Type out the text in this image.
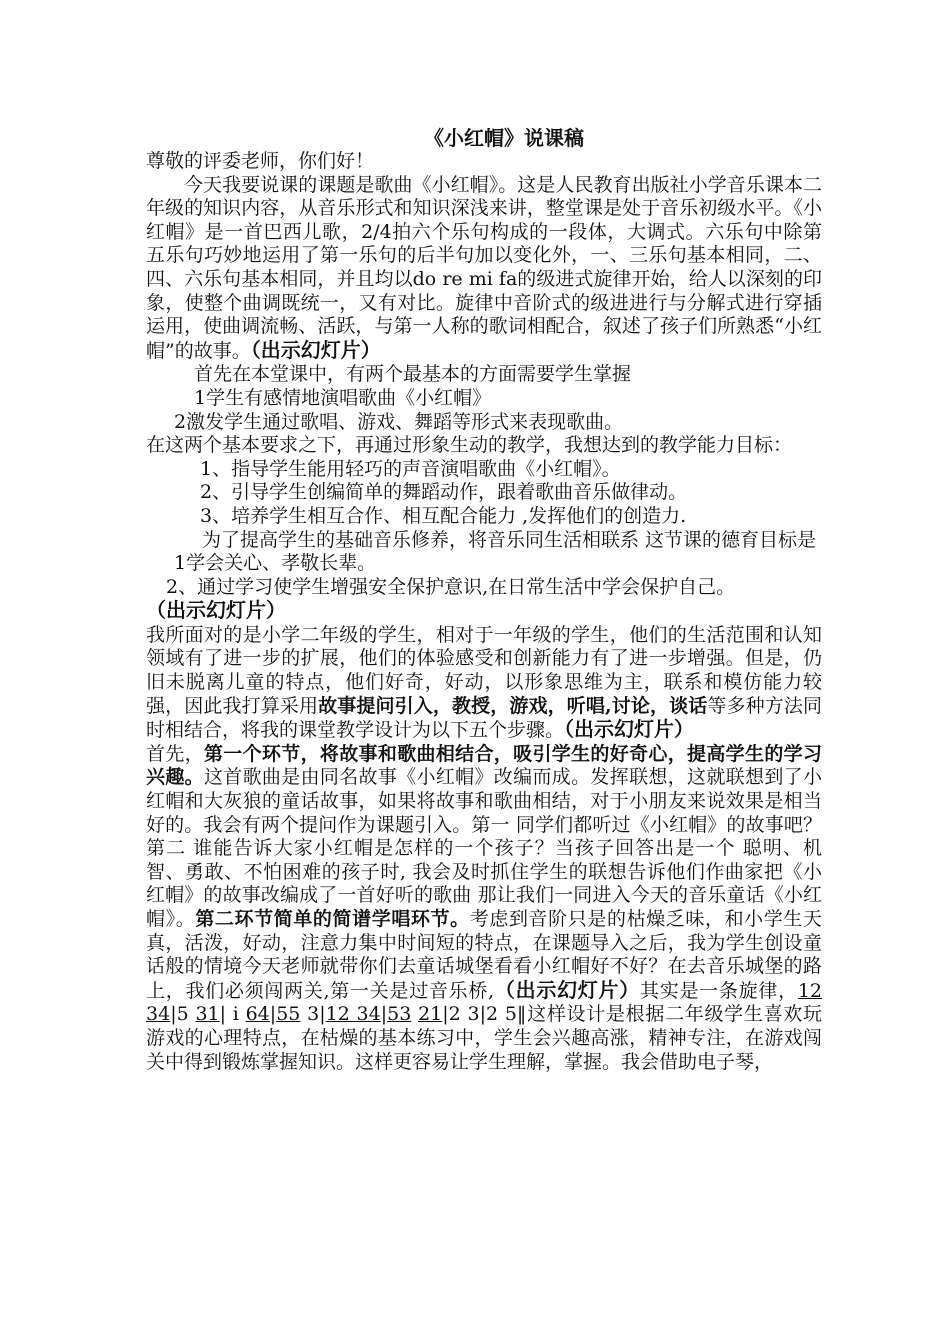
《小红帽》说课稿

尊敬的评委老师，你们好！

今天我要说课的课题是歌曲《小红帽》。这是人民教育出版社小学音乐课本二年级的知识内容，从音乐形式和知识深浅来讲，整堂课是处于音乐初级水平。《小红帽》是一首巴西儿歌，2/4拍六个乐句构成的一段体，大调式。六乐句中除第五乐句巧妙地运用了第一乐句的后半句加以变化外，一、三乐句基本相同，二、四、六乐句基本相同，并且均以do re mi fa的级进式旋律开始，给人以深刻的印象，使整个曲调既统一，又有对比。旋律中音阶式的级进进行与分解式进行穿插运用，使曲调流畅、活跃，与第一人称的歌词相配合，叙述了孩子们所熟悉“小红帽”的故事。（出示幻灯片）

首先在本堂课中，有两个最基本的方面需要学生掌握

1学生有感情地演唱歌曲《小红帽》

2激发学生通过歌唱、游戏、舞蹈等形式来表现歌曲。

在这两个基本要求之下，再通过形象生动的教学，我想达到的教学能力目标：

1、指导学生能用轻巧的声音演唱歌曲《小红帽》。

2、引导学生创编简单的舞蹈动作，跟着歌曲音乐做律动。

3、培养学生相互合作、相互配合能力 ,发挥他们的创造力.

为了提高学生的基础音乐修养，将音乐同生活相联系 这节课的德育目标是

1学会关心、孝敬长辈。

2、通过学习使学生增强安全保护意识,在日常生活中学会保护自己。

（出示幻灯片）

我所面对的是小学二年级的学生，相对于一年级的学生，他们的生活范围和认知领域有了进一步的扩展，他们的体验感受和创新能力有了进一步增强。但是，仍旧未脱离儿童的特点，他们好奇，好动，以形象思维为主，联系和模仿能力较强，因此我打算采用故事提问引入，教授，游戏，听唱,讨论，谈话等多种方法同时相结合，将我的课堂教学设计为以下五个步骤。（出示幻灯片）

首先，第一个环节，将故事和歌曲相结合，吸引学生的好奇心，提高学生的学习兴趣。这首歌曲是由同名故事《小红帽》改编而成。发挥联想，这就联想到了小红帽和大灰狼的童话故事，如果将故事和歌曲相结，对于小朋友来说效果是相当好的。我会有两个提问作为课题引入。第一 同学们都听过《小红帽》的故事吧？第二 谁能告诉大家小红帽是怎样的一个孩子？当孩子回答出是一个 聪明、机智、勇敢、不怕困难的孩子时, 我会及时抓住学生的联想告诉他们作曲家把《小红帽》的故事改编成了一首好听的歌曲 那让我们一同进入今天的音乐童话《小红帽》。第二环节简单的简谱学唱环节。考虑到音阶只是的枯燥乏味，和小学生天真，活泼，好动，注意力集中时间短的特点，在课题导入之后，我为学生创设童话般的情境今天老师就带你们去童话城堡看看小红帽好不好？在去音乐城堡的路上，我们必须闯两关,第一关是过音乐桥,（出示幻灯片）其实是一条旋律，12 34|5 31| i 64|55 3|12 34|53 21|2 3|2 5‖这样设计是根据二年级学生喜欢玩游戏的心理特点，在枯燥的基本练习中，学生会兴趣高涨，精神专注，在游戏闯关中得到锻炼掌握知识。这样更容易让学生理解，掌握。我会借助电子琴，
